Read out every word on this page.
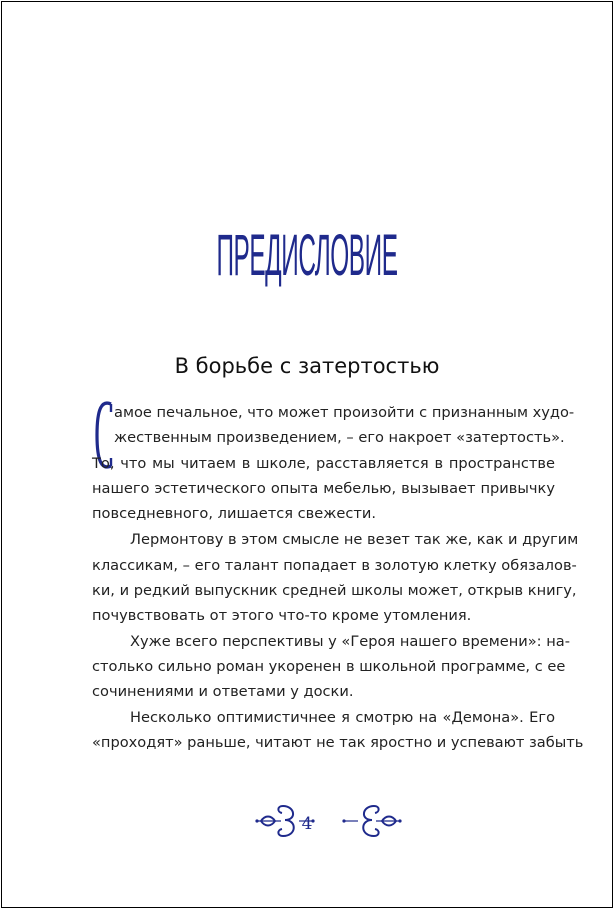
ПРЕДИСЛОВИЕ
В борьбе с затертостью

амое печальное, что может произойти с признанным худо-
жественным произведением, – его накроет «затертость».
То, что мы читаем в школе, расставляется в пространстве
нашего эстетического опыта мебелью, вызывает привычку
повседневного, лишается свежести.

Лермонтову в этом смысле не везет так же, как и другим
классикам, – его талант попадает в золотую клетку обязалов-
ки, и редкий выпускник средней школы может, открыв книгу,
почувствовать от этого что-то кроме утомления.

Хуже всего перспективы у «Героя нашего времени»: на-
столько сильно роман укоренен в школьной программе, с ее
сочинениями и ответами у доски.

Несколько оптимистичнее я смотрю на «Демона». Его
«проходят» раньше, читают не так яростно и успевают забыть

4
